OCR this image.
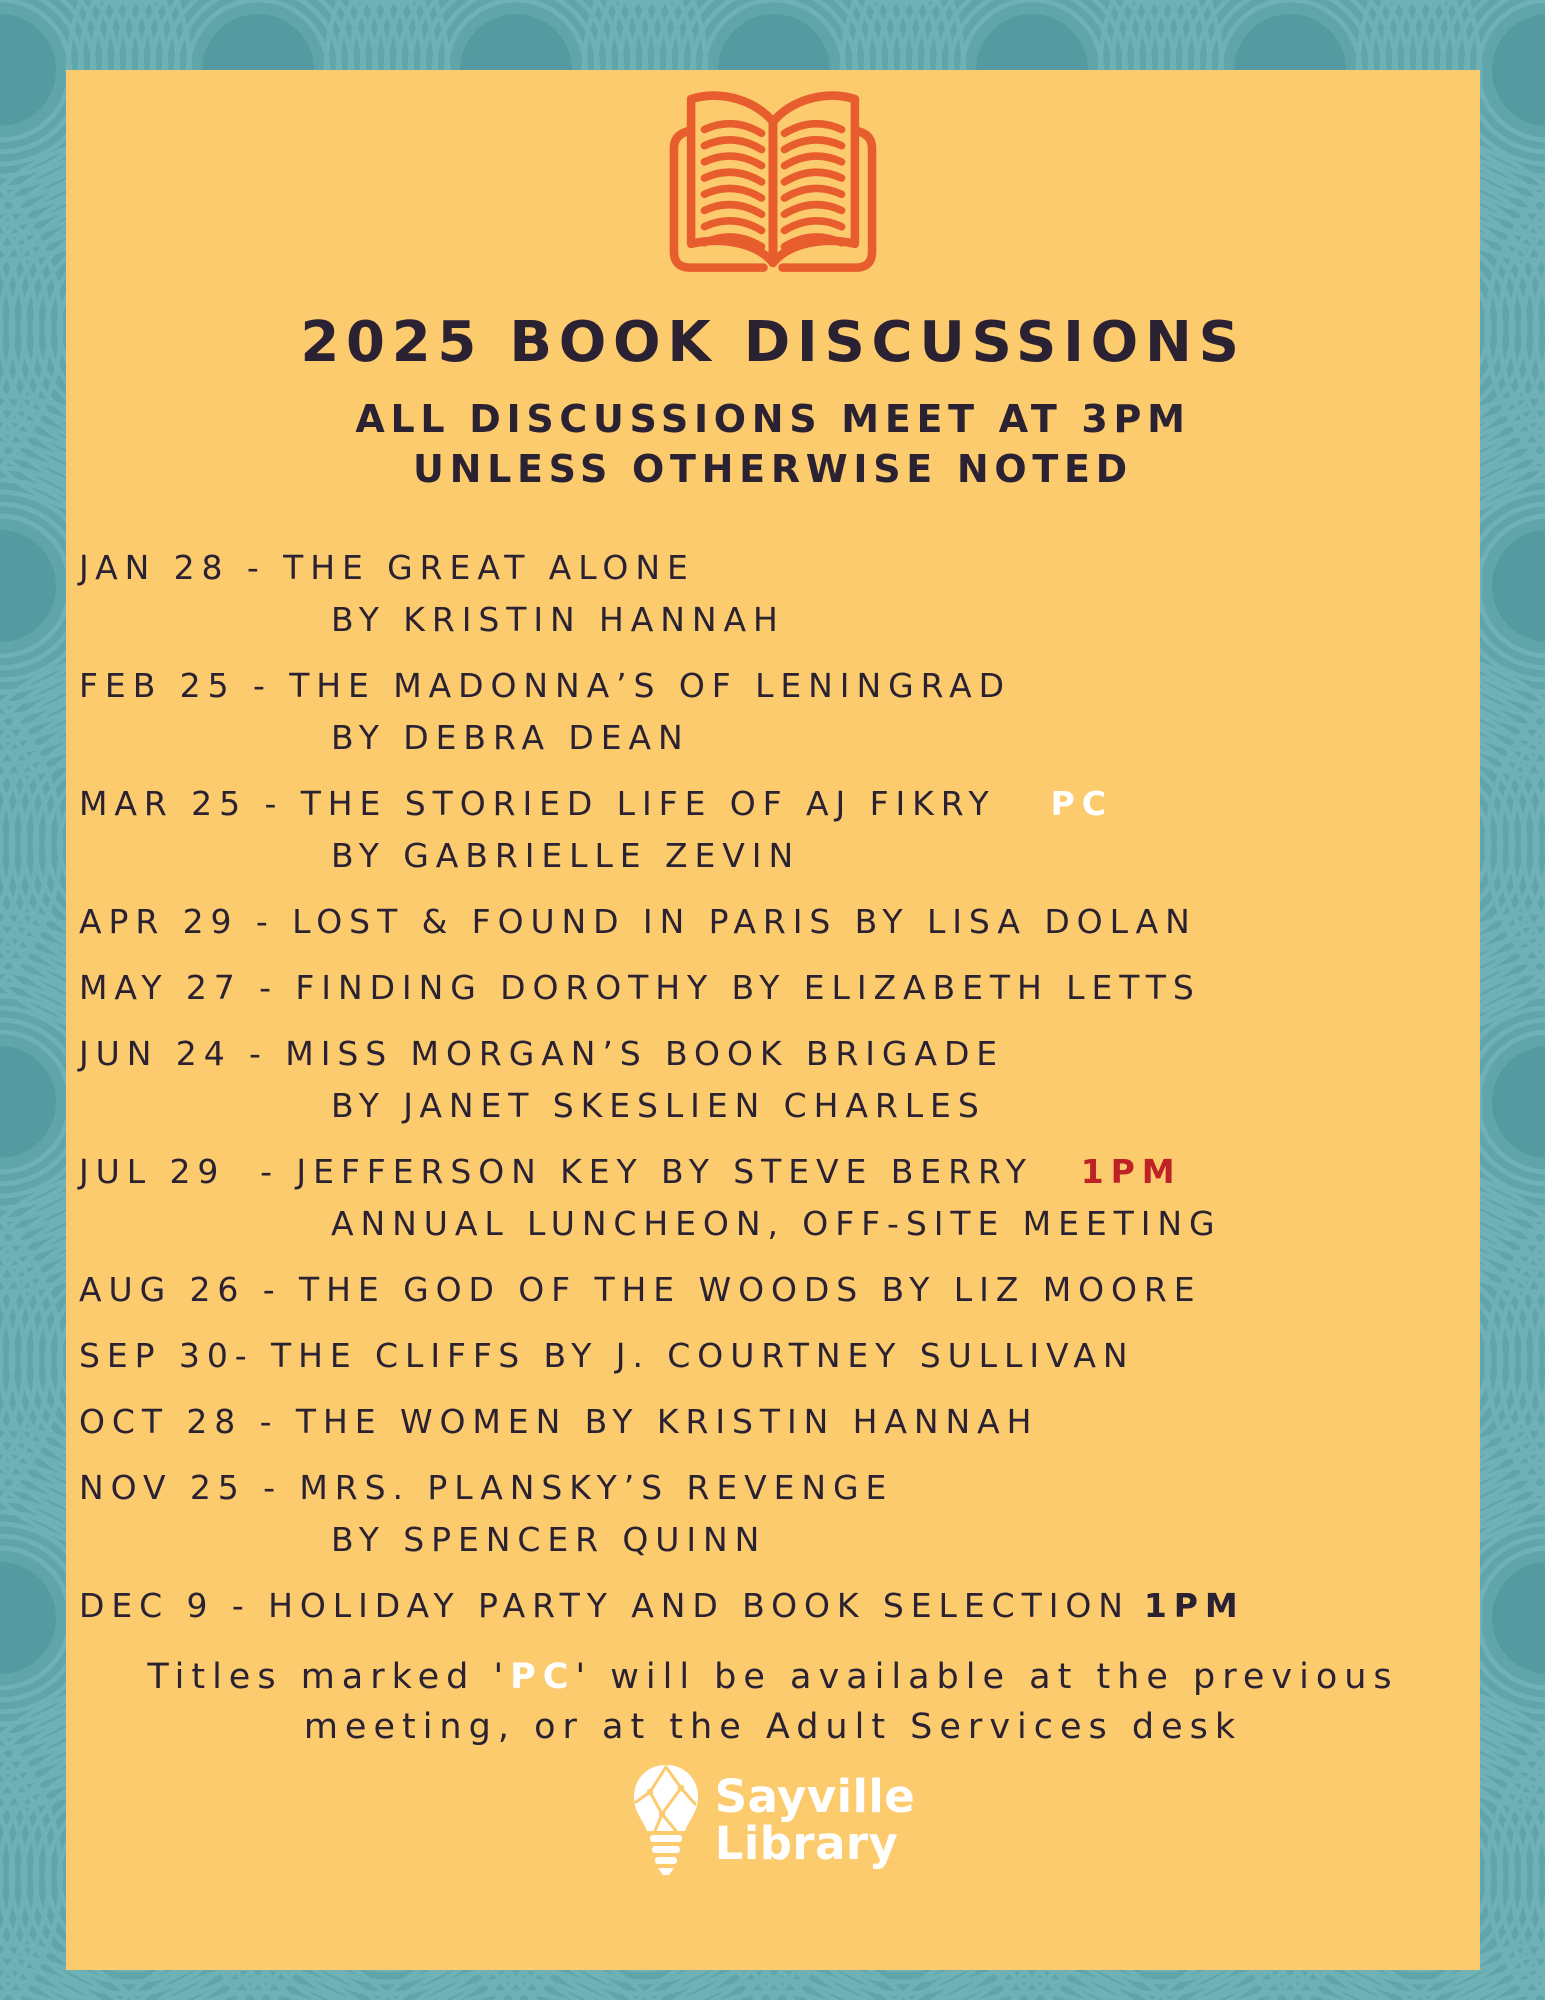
2025 BOOK DISCUSSIONS
ALL DISCUSSIONS MEET AT 3PM
UNLESS OTHERWISE NOTED
JAN 28 - THE GREAT ALONE
BY KRISTIN HANNAH
FEB 25 - THE MADONNA’S OF LENINGRAD
BY DEBRA DEAN
MAR 25 - THE STORIED LIFE OF AJ FIKRY PC
BY GABRIELLE ZEVIN
APR 29 - LOST & FOUND IN PARIS BY LISA DOLAN
MAY 27 - FINDING DOROTHY BY ELIZABETH LETTS
JUN 24 - MISS MORGAN’S BOOK BRIGADE
BY JANET SKESLIEN CHARLES
JUL 29  - JEFFERSON KEY BY STEVE BERRY 1PM
ANNUAL LUNCHEON, OFF-SITE MEETING
AUG 26 - THE GOD OF THE WOODS BY LIZ MOORE
SEP 30- THE CLIFFS BY J. COURTNEY SULLIVAN
OCT 28 - THE WOMEN BY KRISTIN HANNAH
NOV 25 - MRS. PLANSKY’S REVENGE
BY SPENCER QUINN
DEC 9 - HOLIDAY PARTY AND BOOK SELECTION 1PM
Titles marked 'PC' will be available at the previous
meeting, or at the Adult Services desk
Sayville
Library
